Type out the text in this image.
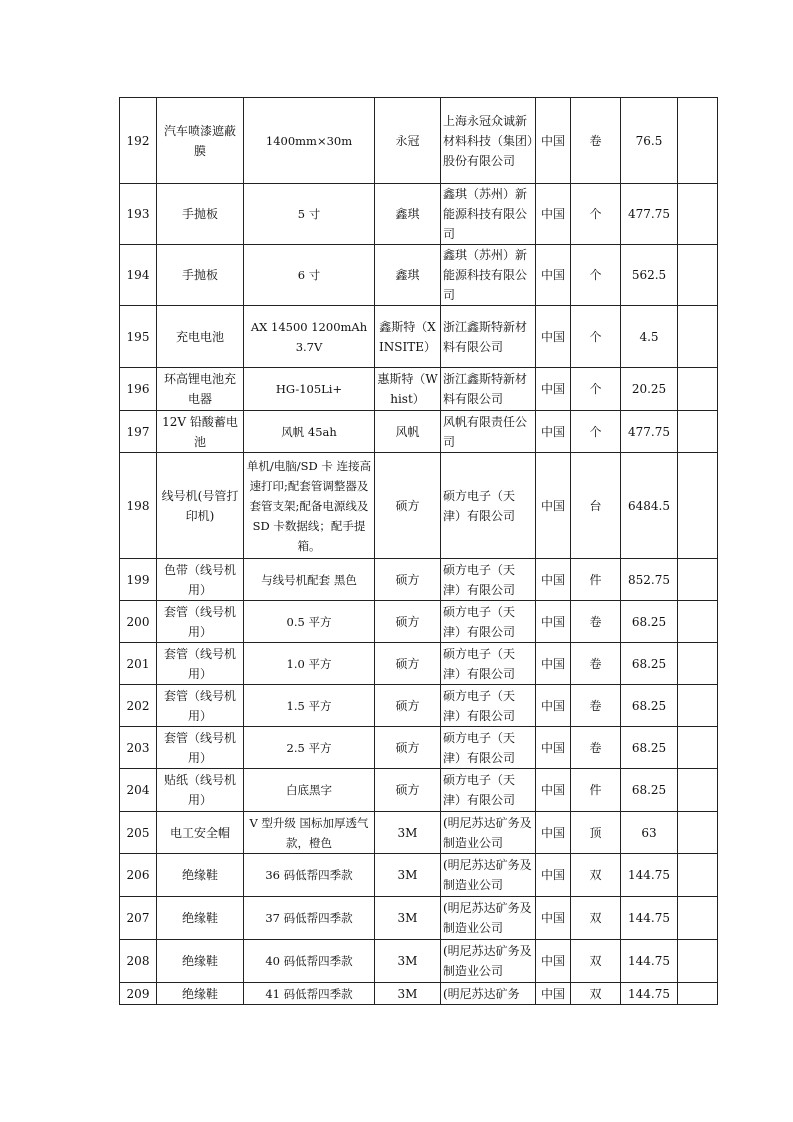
192	汽车喷漆遮蔽膜	1400mm×30m	永冠	上海永冠众诚新材料科技（集团）股份有限公司	中国	卷	76.5	
193	手抛板	5 寸	鑫琪	鑫琪（苏州）新能源科技有限公司	中国	个	477.75	
194	手抛板	6 寸	鑫琪	鑫琪（苏州）新能源科技有限公司	中国	个	562.5	
195	充电电池	AX 14500 1200mAh 3.7V	鑫斯特（XINSITE）	浙江鑫斯特新材料有限公司	中国	个	4.5	
196	环高锂电池充电器	HG-105Li+	惠斯特（Whist）	浙江鑫斯特新材料有限公司	中国	个	20.25	
197	12V 铅酸蓄电池	风帆 45ah	风帆	风帆有限责任公司	中国	个	477.75	
198	线号机(号管打印机)	单机/电脑/SD 卡 连接高速打印;配套管调整器及套管支架;配备电源线及 SD 卡数据线；配手提箱。	硕方	硕方电子（天津）有限公司	中国	台	6484.5	
199	色带（线号机用）	与线号机配套 黑色	硕方	硕方电子（天津）有限公司	中国	件	852.75	
200	套管（线号机用）	0.5 平方	硕方	硕方电子（天津）有限公司	中国	卷	68.25	
201	套管（线号机用）	1.0 平方	硕方	硕方电子（天津）有限公司	中国	卷	68.25	
202	套管（线号机用）	1.5 平方	硕方	硕方电子（天津）有限公司	中国	卷	68.25	
203	套管（线号机用）	2.5 平方	硕方	硕方电子（天津）有限公司	中国	卷	68.25	
204	贴纸（线号机用）	白底黑字	硕方	硕方电子（天津）有限公司	中国	件	68.25	
205	电工安全帽	V 型升级 国标加厚透气款，橙色	3M	(明尼苏达矿务及制造业公司	中国	顶	63	
206	绝缘鞋	36 码低帮四季款	3M	(明尼苏达矿务及制造业公司	中国	双	144.75	
207	绝缘鞋	37 码低帮四季款	3M	(明尼苏达矿务及制造业公司	中国	双	144.75	
208	绝缘鞋	40 码低帮四季款	3M	(明尼苏达矿务及制造业公司	中国	双	144.75	
209	绝缘鞋	41 码低帮四季款	3M	(明尼苏达矿务	中国	双	144.75	
